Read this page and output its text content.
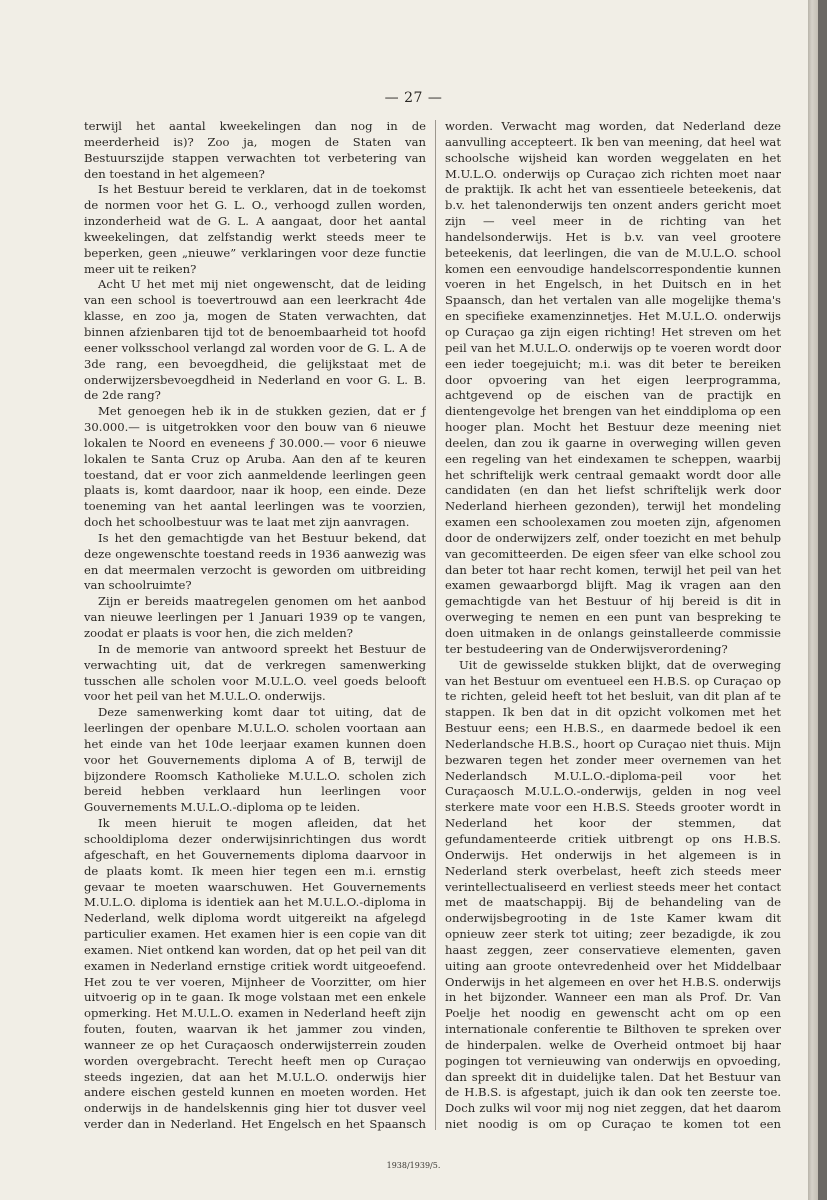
— 27 —

terwijl het aantal kweekelingen dan nog in de meerderheid is)? Zoo ja, mogen de Staten van Bestuurszijde stappen verwachten tot verbetering van den toestand in het algemeen?

Is het Bestuur bereid te verklaren, dat in de toekomst de normen voor het G. L. O., verhoogd zullen worden, inzonderheid wat de G. L. A aangaat, door het aantal kweekelingen, dat zelfstandig werkt steeds meer te beperken, geen „nieuwe” verklaringen voor deze functie meer uit te reiken?

Acht U het met mij niet ongewenscht, dat de leiding van een school is toevertrouwd aan een leerkracht 4de klasse, en zoo ja, mogen de Staten verwachten, dat binnen afzienbaren tijd tot de benoembaarheid tot hoofd eener volksschool verlangd zal worden voor de G. L. A de 3de rang, een bevoegdheid, die gelijkstaat met de onderwijzersbevoegdheid in Nederland en voor G. L. B. de 2de rang?

Met genoegen heb ik in de stukken gezien, dat er ƒ 30.000.— is uitgetrokken voor den bouw van 6 nieuwe lokalen te Noord en eveneens ƒ 30.000.— voor 6 nieuwe lokalen te Santa Cruz op Aruba. Aan den af te keuren toestand, dat er voor zich aanmeldende leerlingen geen plaats is, komt daardoor, naar ik hoop, een einde. Deze toeneming van het aantal leerlingen was te voorzien, doch het schoolbestuur was te laat met zijn aanvragen.

Is het den gemachtigde van het Bestuur bekend, dat deze ongewenschte toestand reeds in 1936 aanwezig was en dat meermalen verzocht is geworden om uitbreiding van schoolruimte?

Zijn er bereids maatregelen genomen om het aanbod van nieuwe leerlingen per 1 Januari 1939 op te vangen, zoodat er plaats is voor hen, die zich melden?

In de memorie van antwoord spreekt het Bestuur de verwachting uit, dat de verkregen samenwerking tusschen alle scholen voor M.U.L.O. veel goeds belooft voor het peil van het M.U.L.O. onderwijs.

Deze samenwerking komt daar tot uiting, dat de leerlingen der openbare M.U.L.O. scholen voortaan aan het einde van het 10de leerjaar examen kunnen doen voor het Gouvernements diploma A of B, terwijl de bijzondere Roomsch Katholieke M.U.L.O. scholen zich bereid hebben verklaard hun leerlingen voor Gouvernements M.U.L.O.-diploma op te leiden.

Ik meen hieruit te mogen afleiden, dat het schooldiploma dezer onderwijsinrichtingen dus wordt afgeschaft, en het Gouvernements diploma daarvoor in de plaats komt. Ik meen hier tegen een m.i. ernstig gevaar te moeten waarschuwen. Het Gouvernements M.U.L.O. diploma is identiek aan het M.U.L.O.-diploma in Nederland, welk diploma wordt uitgereikt na afgelegd particulier examen. Het examen hier is een copie van dit examen. Niet ontkend kan worden, dat op het peil van dit examen in Nederland ernstige critiek wordt uitgeoefend. Het zou te ver voeren, Mijnheer de Voorzitter, om hier uitvoerig op in te gaan. Ik moge volstaan met een enkele opmerking. Het M.U.L.O. examen in Nederland heeft zijn fouten, fouten, waarvan ik het jammer zou vinden, wanneer ze op het Curaçaosch onderwijsterrein zouden worden overgebracht. Terecht heeft men op Curaçao steeds ingezien, dat aan het M.U.L.O. onderwijs hier andere eischen gesteld kunnen en moeten worden. Het onderwijs in de handelskennis ging hier tot dusver veel verder dan in Nederland. Het Engelsch en het Spaansch

worden. Verwacht mag worden, dat Nederland deze aanvulling accepteert. Ik ben van meening, dat heel wat schoolsche wijsheid kan worden weggelaten en het M.U.L.O. onderwijs op Curaçao zich richten moet naar de praktijk. Ik acht het van essentieele beteekenis, dat b.v. het talenonderwijs ten onzent anders gericht moet zijn — veel meer in de richting van het handelsonderwijs. Het is b.v. van veel grootere beteekenis, dat leerlingen, die van de M.U.L.O. school komen een eenvoudige handelscorrespondentie kunnen voeren in het Engelsch, in het Duitsch en in het Spaansch, dan het vertalen van alle mogelijke thema's en specifieke examenzinnetjes. Het M.U.L.O. onderwijs op Curaçao ga zijn eigen richting! Het streven om het peil van het M.U.L.O. onderwijs op te voeren wordt door een ieder toegejuicht; m.i. was dit beter te bereiken door opvoering van het eigen leerprogramma, achtgevend op de eischen van de practijk en dientengevolge het brengen van het einddiploma op een hooger plan. Mocht het Bestuur deze meening niet deelen, dan zou ik gaarne in overweging willen geven een regeling van het eindexamen te scheppen, waarbij het schriftelijk werk centraal gemaakt wordt door alle candidaten (en dan het liefst schriftelijk werk door Nederland hierheen gezonden), terwijl het mondeling examen een schoolexamen zou moeten zijn, afgenomen door de onderwijzers zelf, onder toezicht en met behulp van gecomitteerden. De eigen sfeer van elke school zou dan beter tot haar recht komen, terwijl het peil van het examen gewaarborgd blijft. Mag ik vragen aan den gemachtigde van het Bestuur of hij bereid is dit in overweging te nemen en een punt van bespreking te doen uitmaken in de onlangs geinstalleerde commissie ter bestudeering van de Onderwijsverordening?

Uit de gewisselde stukken blijkt, dat de overweging van het Bestuur om eventueel een H.B.S. op Curaçao op te richten, geleid heeft tot het besluit, van dit plan af te stappen. Ik ben dat in dit opzicht volkomen met het Bestuur eens; een H.B.S., en daarmede bedoel ik een Nederlandsche H.B.S., hoort op Curaçao niet thuis. Mijn bezwaren tegen het zonder meer overnemen van het Nederlandsch M.U.L.O.-diploma-peil voor het Curaçaosch M.U.L.O.-onderwijs, gelden in nog veel sterkere mate voor een H.B.S. Steeds grooter wordt in Nederland het koor der stemmen, dat gefundamenteerde critiek uitbrengt op ons H.B.S. Onderwijs. Het onderwijs in het algemeen is in Nederland sterk overbelast, heeft zich steeds meer verintellectualiseerd en verliest steeds meer het contact met de maatschappij. Bij de behandeling van de onderwijsbegrooting in de 1ste Kamer kwam dit opnieuw zeer sterk tot uiting; zeer bezadigde, ik zou haast zeggen, zeer conservatieve elementen, gaven uiting aan groote ontevredenheid over het Middelbaar Onderwijs in het algemeen en over het H.B.S. onderwijs in het bijzonder. Wanneer een man als Prof. Dr. Van Poelje het noodig en gewenscht acht om op een internationale conferentie te Bilthoven te spreken over de hinderpalen. welke de Overheid ontmoet bij haar pogingen tot vernieuwing van onderwijs en opvoeding, dan spreekt dit in duidelijke talen. Dat het Bestuur van de H.B.S. is afgestapt, juich ik dan ook ten zeerste toe. Doch zulks wil voor mij nog niet zeggen, dat het daarom niet noodig is om op Curaçao te komen tot een

1938/1939/5.
